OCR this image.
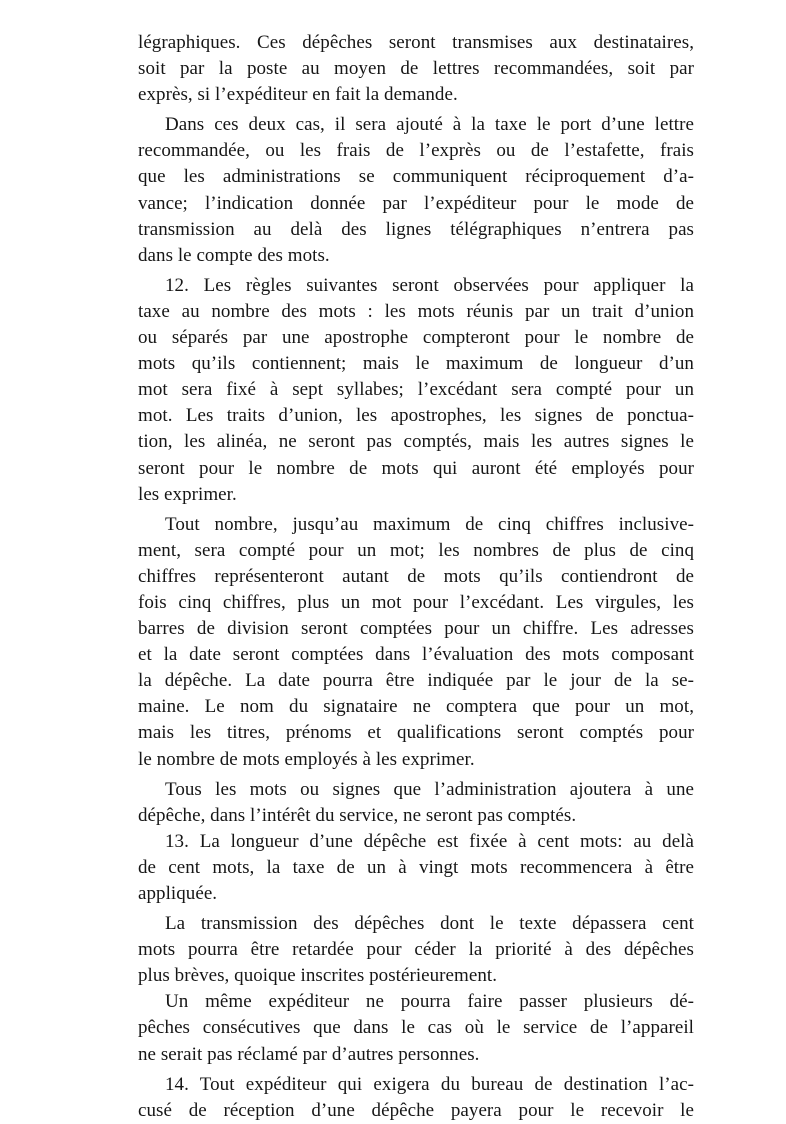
légraphiques. Ces dépêches seront transmises aux destinataires,
soit par la poste au moyen de lettres recommandées, soit par
exprès, si l’expéditeur en fait la demande.
Dans ces deux cas, il sera ajouté à la taxe le port d’une lettre
recommandée, ou les frais de l’exprès ou de l’estafette, frais
que les administrations se communiquent réciproquement d’a-
vance; l’indication donnée par l’expéditeur pour le mode de
transmission au delà des lignes télégraphiques n’entrera pas
dans le compte des mots.
12. Les règles suivantes seront observées pour appliquer la
taxe au nombre des mots : les mots réunis par un trait d’union
ou séparés par une apostrophe compteront pour le nombre de
mots qu’ils contiennent; mais le maximum de longueur d’un
mot sera fixé à sept syllabes; l’excédant sera compté pour un
mot. Les traits d’union, les apostrophes, les signes de ponctua-
tion, les alinéa, ne seront pas comptés, mais les autres signes le
seront pour le nombre de mots qui auront été employés pour
les exprimer.
Tout nombre, jusqu’au maximum de cinq chiffres inclusive-
ment, sera compté pour un mot; les nombres de plus de cinq
chiffres représenteront autant de mots qu’ils contiendront de
fois cinq chiffres, plus un mot pour l’excédant. Les virgules, les
barres de division seront comptées pour un chiffre. Les adresses
et la date seront comptées dans l’évaluation des mots composant
la dépêche. La date pourra être indiquée par le jour de la se-
maine. Le nom du signataire ne comptera que pour un mot,
mais les titres, prénoms et qualifications seront comptés pour
le nombre de mots employés à les exprimer.
Tous les mots ou signes que l’administration ajoutera à une
dépêche, dans l’intérêt du service, ne seront pas comptés.
13. La longueur d’une dépêche est fixée à cent mots: au delà
de cent mots, la taxe de un à vingt mots recommencera à être
appliquée.
La transmission des dépêches dont le texte dépassera cent
mots pourra être retardée pour céder la priorité à des dépêches
plus brèves, quoique inscrites postérieurement.
Un même expéditeur ne pourra faire passer plusieurs dé-
pêches consécutives que dans le cas où le service de l’appareil
ne serait pas réclamé par d’autres personnes.
14. Tout expéditeur qui exigera du bureau de destination l’ac-
cusé de réception d’une dépêche payera pour le recevoir le
